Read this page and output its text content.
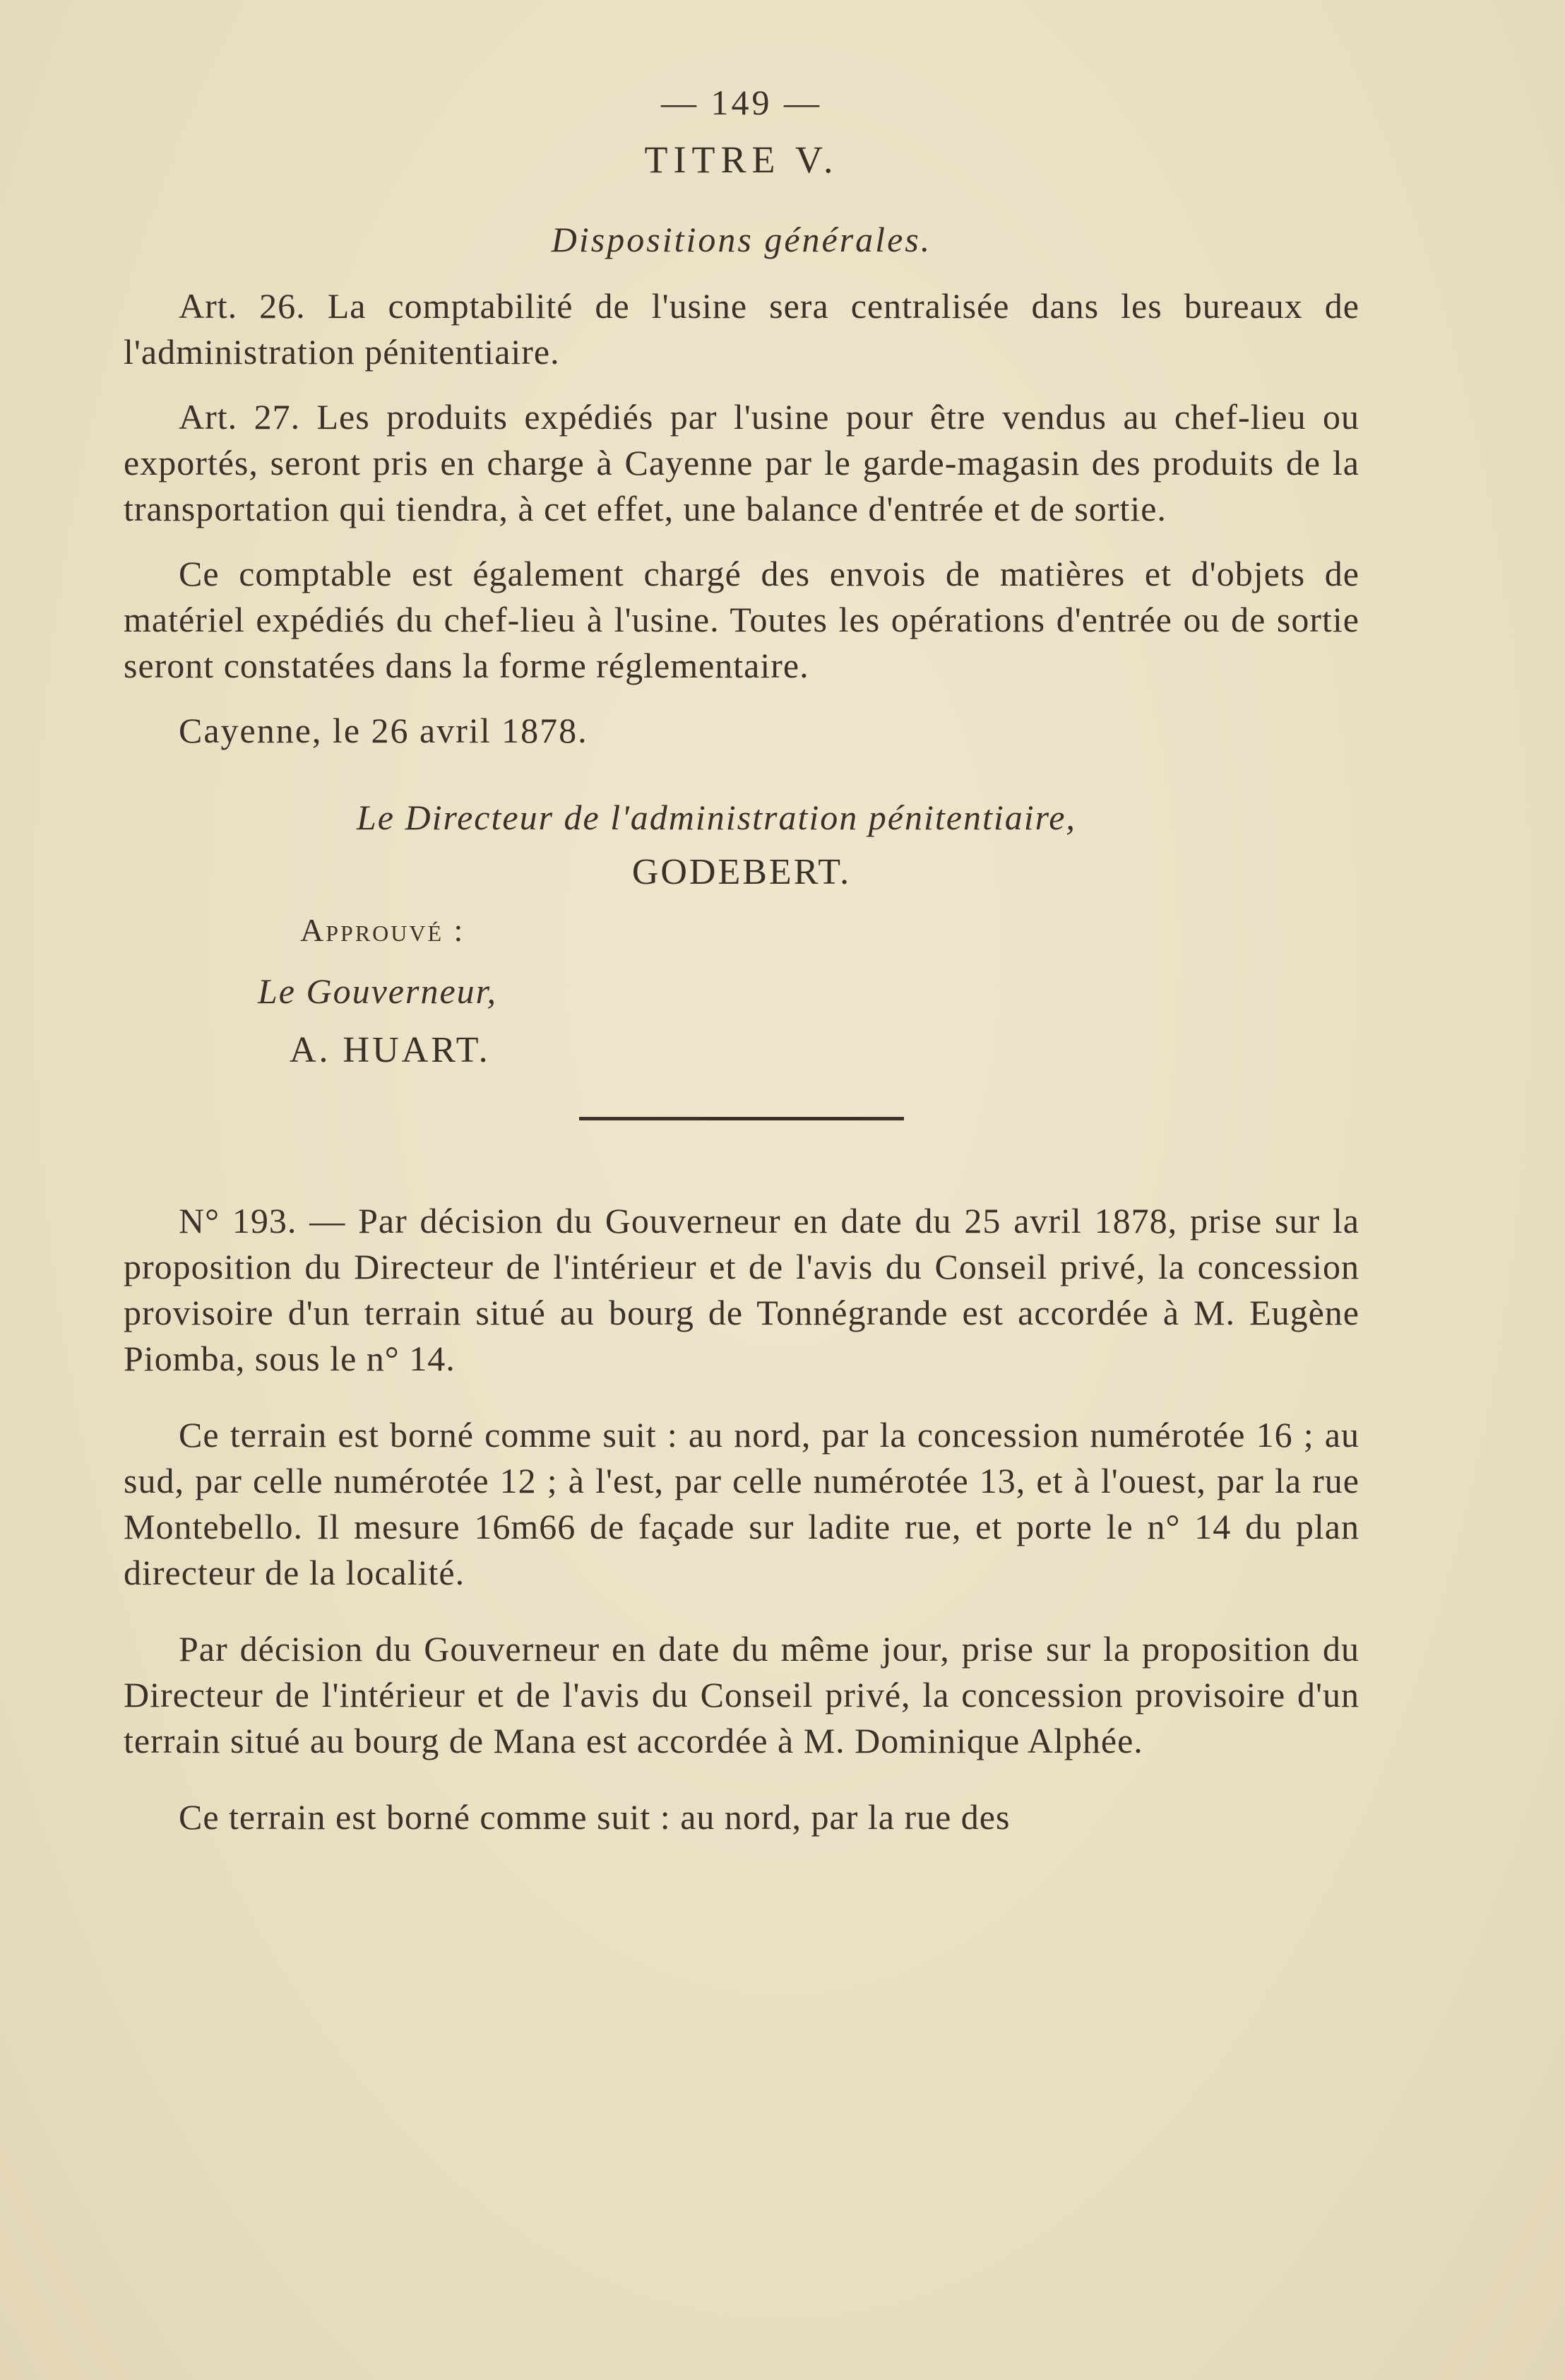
— 149 —
TITRE V.
Dispositions générales.

Art. 26. La comptabilité de l'usine sera centralisée dans les bureaux de l'administration pénitentiaire.

Art. 27. Les produits expédiés par l'usine pour être vendus au chef-lieu ou exportés, seront pris en charge à Cayenne par le garde-magasin des produits de la transportation qui tiendra, à cet effet, une balance d'entrée et de sortie.

Ce comptable est également chargé des envois de matières et d'objets de matériel expédiés du chef-lieu à l'usine. Toutes les opérations d'entrée ou de sortie seront constatées dans la forme réglementaire.

Cayenne, le 26 avril 1878.

Le Directeur de l'administration pénitentiaire,
GODEBERT.
Approuvé :
Le Gouverneur,
A. HUART.

N° 193. — Par décision du Gouverneur en date du 25 avril 1878, prise sur la proposition du Directeur de l'intérieur et de l'avis du Conseil privé, la concession provisoire d'un terrain situé au bourg de Tonnégrande est accordée à M. Eugène Piomba, sous le n° 14.

Ce terrain est borné comme suit : au nord, par la concession numérotée 16 ; au sud, par celle numérotée 12 ; à l'est, par celle numérotée 13, et à l'ouest, par la rue Montebello. Il mesure 16m66 de façade sur ladite rue, et porte le n° 14 du plan directeur de la localité.

Par décision du Gouverneur en date du même jour, prise sur la proposition du Directeur de l'intérieur et de l'avis du Conseil privé, la concession provisoire d'un terrain situé au bourg de Mana est accordée à M. Dominique Alphée.

Ce terrain est borné comme suit : au nord, par la rue des
